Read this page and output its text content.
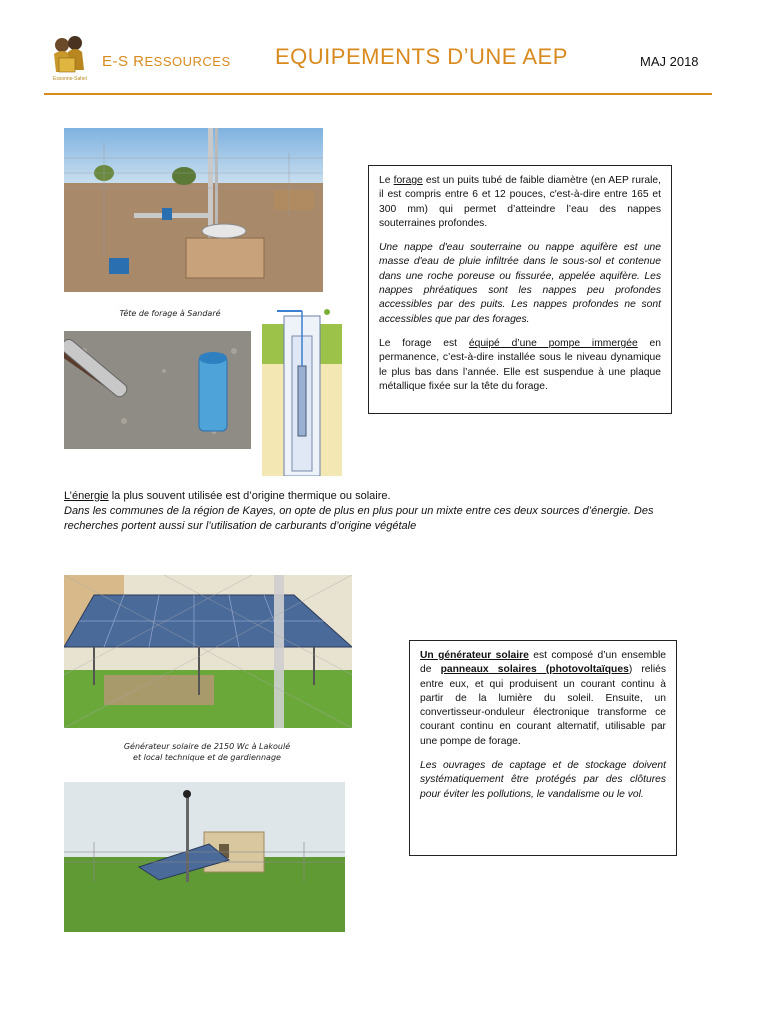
Essonne-Sahel
E-S RESSOURCES EQUIPEMENTS D’UNE AEP	MAJ 2018
Tête de forage à Sandaré

Le forage est un puits tubé de faible diamètre (en AEP rurale, il est compris entre 6 et 12 pouces, c'est-à-dire entre 165 et 300 mm) qui permet d’atteindre l’eau des nappes souterraines profondes.

Une nappe d'eau souterraine ou nappe aquifère est une masse d'eau de pluie infiltrée dans le sous-sol et contenue dans une roche poreuse ou fissurée, appelée aquifère. Les nappes phréatiques sont les nappes peu profondes accessibles par des puits. Les nappes profondes ne sont accessibles que par des forages.

Le forage est équipé d’une pompe immergée en permanence, c’est-à-dire installée sous le niveau dynamique le plus bas dans l’année. Elle est suspendue à une plaque métallique fixée sur la tête du forage.

L’énergie la plus souvent utilisée est d’origine thermique ou solaire.
Dans les communes de la région de Kayes, on opte de plus en plus pour un mixte entre ces deux sources d’énergie. Des recherches portent aussi sur l’utilisation de carburants d’origine végétale
Générateur solaire de 2150 Wc à Lakoulé
et local technique et de gardiennage

Un générateur solaire est composé d’un ensemble de panneaux solaires (photovoltaïques) reliés entre eux, et qui produisent un courant continu à partir de la lumière du soleil. Ensuite, un convertisseur-onduleur électronique transforme ce courant continu en courant alternatif, utilisable par une pompe de forage.

Les ouvrages de captage et de stockage doivent systématiquement être protégés par des clôtures pour éviter les pollutions, le vandalisme ou le vol.
